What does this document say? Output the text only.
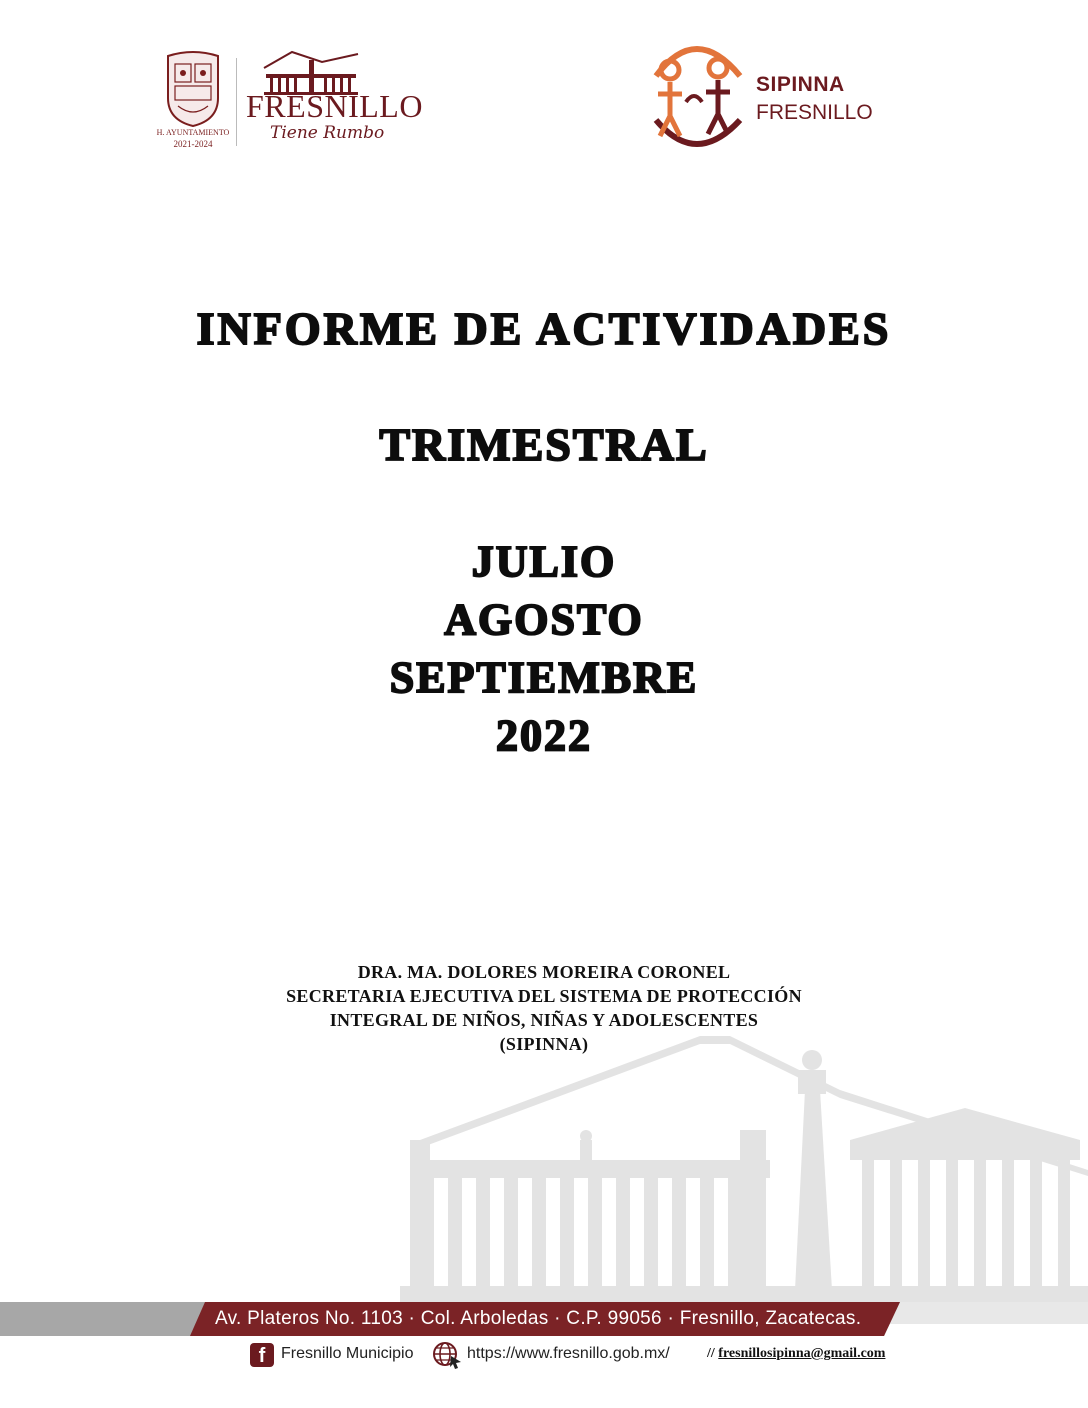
H. AYUNTAMIENTO
2021-2024
FRESNILLO
Tiene Rumbo
SIPINNA
FRESNILLO
INFORME DE ACTIVIDADES
TRIMESTRAL
JULIO
AGOSTO
SEPTIEMBRE
2022
DRA. MA. DOLORES MOREIRA CORONEL
SECRETARIA EJECUTIVA DEL SISTEMA DE PROTECCIÓN
INTEGRAL DE NIÑOS, NIÑAS Y ADOLESCENTES
(SIPINNA)
Av. Plateros No. 1103 · Col. Arboledas · C.P. 99056 · Fresnillo, Zacatecas.
f Fresnillo Municipio	https://www.fresnillo.gob.mx/	// fresnillosipinna@gmail.com
